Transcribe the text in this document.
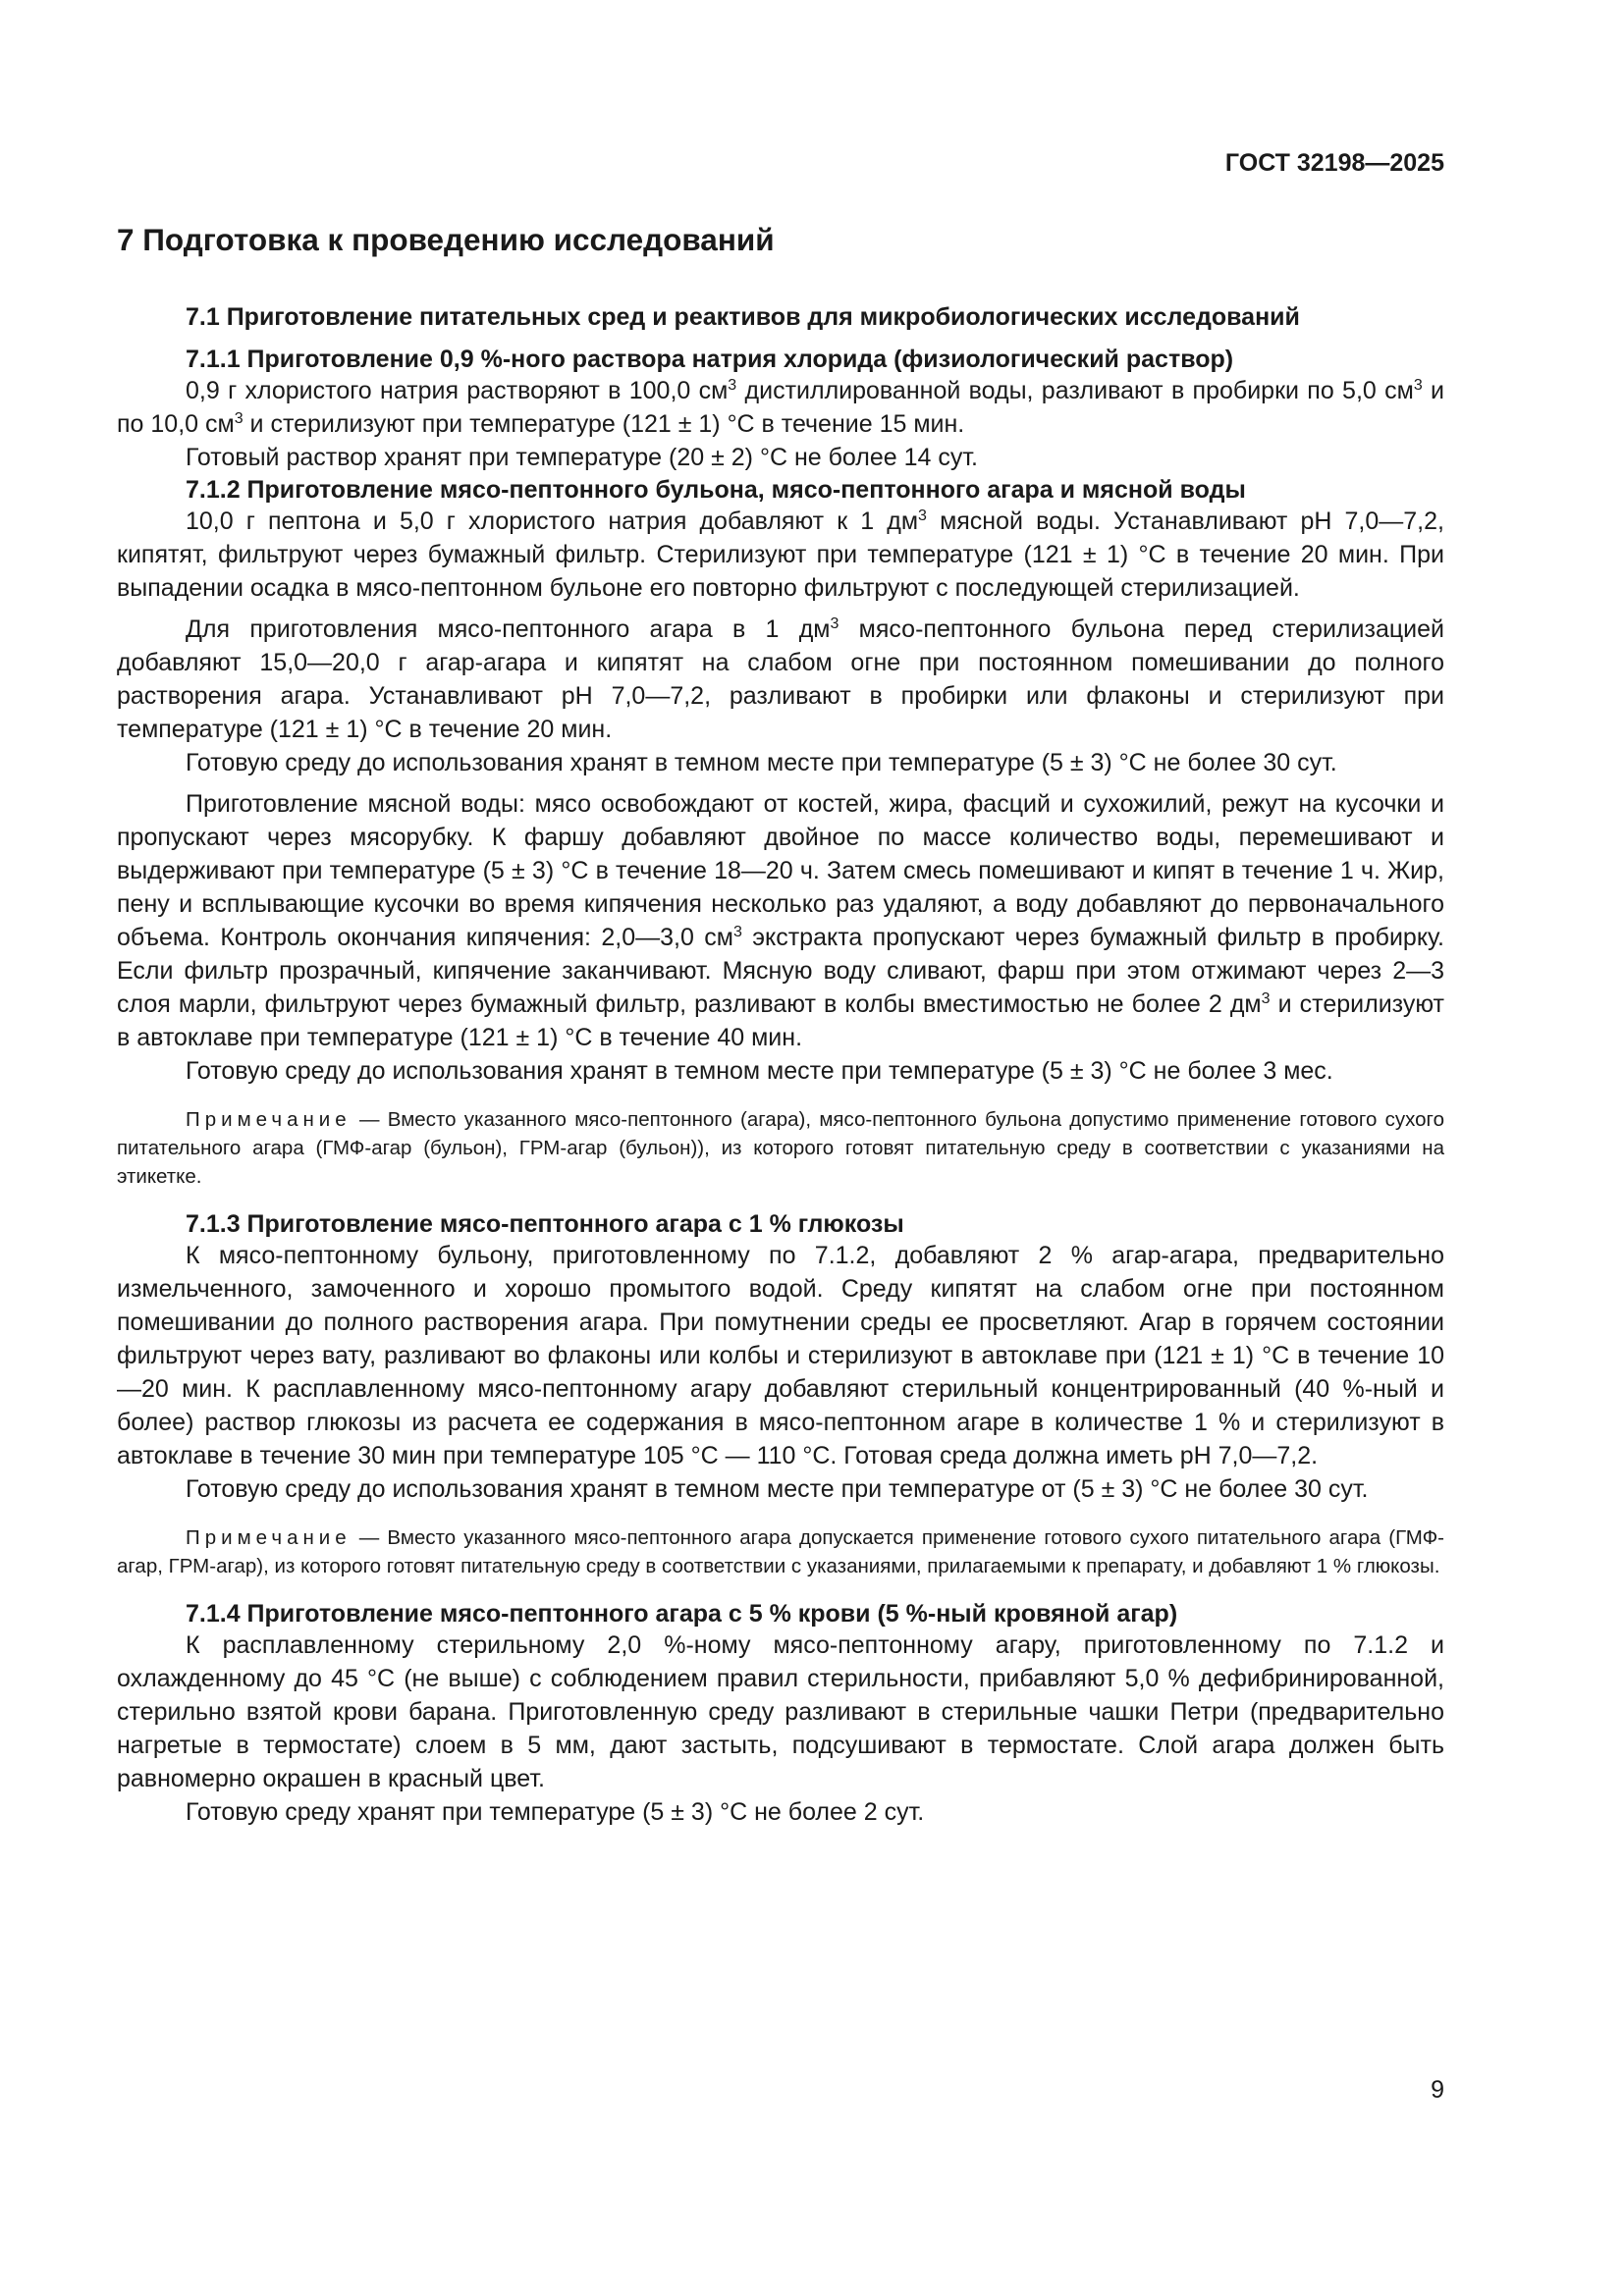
ГОСТ 32198—2025
7 Подготовка к проведению исследований
7.1 Приготовление питательных сред и реактивов для микробиологических исследований
7.1.1 Приготовление 0,9 %-ного раствора натрия хлорида (физиологический раствор)

0,9 г хлористого натрия растворяют в 100,0 $см^3$ дистиллированной воды, разливают в пробирки по 5,0 $см^3$ и по 10,0 $см^3$ и стерилизуют при температуре (121 ± 1) °С в течение 15 мин.

Готовый раствор хранят при температуре (20 ± 2) °С не более 14 сут.

7.1.2 Приготовление мясо-пептонного бульона, мясо-пептонного агара и мясной воды

10,0 г пептона и 5,0 г хлористого натрия добавляют к 1 $дм^3$ мясной воды. Устанавливают рН 7,0—7,2, кипятят, фильтруют через бумажный фильтр. Стерилизуют при температуре (121 ± 1) °С в течение 20 мин. При выпадении осадка в мясо-пептонном бульоне его повторно фильтруют с последующей стерилизацией.

Для приготовления мясо-пептонного агара в 1 $дм^3$ мясо-пептонного бульона перед стерилизацией добавляют 15,0—20,0 г агар-агара и кипятят на слабом огне при постоянном помешивании до полного растворения агара. Устанавливают рН 7,0—7,2, разливают в пробирки или флаконы и стерилизуют при температуре (121 ± 1) °С в течение 20 мин.

Готовую среду до использования хранят в темном месте при температуре (5 ± 3) °С не более 30 сут.

Приготовление мясной воды: мясо освобождают от костей, жира, фасций и сухожилий, режут на кусочки и пропускают через мясорубку. К фаршу добавляют двойное по массе количество воды, перемешивают и выдерживают при температуре (5 ± 3) °С в течение 18—20 ч. Затем смесь помешивают и кипят в течение 1 ч. Жир, пену и всплывающие кусочки во время кипячения несколько раз удаляют, а воду добавляют до первоначального объема. Контроль окончания кипячения: 2,0—3,0 $см^3$ экстракта пропускают через бумажный фильтр в пробирку. Если фильтр прозрачный, кипячение заканчивают. Мясную воду сливают, фарш при этом отжимают через 2—3 слоя марли, фильтруют через бумажный фильтр, разливают в колбы вместимостью не более 2 $дм^3$ и стерилизуют в автоклаве при температуре (121 ± 1) °С в течение 40 мин.

Готовую среду до использования хранят в темном месте при температуре (5 ± 3) °С не более 3 мес.

Примечание — Вместо указанного мясо-пептонного (агара), мясо-пептонного бульона допустимо применение готового сухого питательного агара (ГМФ-агар (бульон), ГРМ-агар (бульон)), из которого готовят питательную среду в соответствии с указаниями на этикетке.
7.1.3 Приготовление мясо-пептонного агара с 1 % глюкозы

К мясо-пептонному бульону, приготовленному по 7.1.2, добавляют 2 % агар-агара, предварительно измельченного, замоченного и хорошо промытого водой. Среду кипятят на слабом огне при постоянном помешивании до полного растворения агара. При помутнении среды ее просветляют. Агар в горячем состоянии фильтруют через вату, разливают во флаконы или колбы и стерилизуют в автоклаве при (121 ± 1) °С в течение 10—20 мин. К расплавленному мясо-пептонному агару добавляют стерильный концентрированный (40 %-ный и более) раствор глюкозы из расчета ее содержания в мясо-пептонном агаре в количестве 1 % и стерилизуют в автоклаве в течение 30 мин при температуре 105 °С — 110 °С. Готовая среда должна иметь рН 7,0—7,2.

Готовую среду до использования хранят в темном месте при температуре от (5 ± 3) °С не более 30 сут.

Примечание — Вместо указанного мясо-пептонного агара допускается применение готового сухого питательного агара (ГМФ-агар, ГРМ-агар), из которого готовят питательную среду в соответствии с указаниями, прилагаемыми к препарату, и добавляют 1 % глюкозы.
7.1.4 Приготовление мясо-пептонного агара с 5 % крови (5 %-ный кровяной агар)

К расплавленному стерильному 2,0 %-ному мясо-пептонному агару, приготовленному по 7.1.2 и охлажденному до 45 °С (не выше) с соблюдением правил стерильности, прибавляют 5,0 % дефибринированной, стерильно взятой крови барана. Приготовленную среду разливают в стерильные чашки Петри (предварительно нагретые в термостате) слоем в 5 мм, дают застыть, подсушивают в термостате. Слой агара должен быть равномерно окрашен в красный цвет.

Готовую среду хранят при температуре (5 ± 3) °С не более 2 сут.

9
